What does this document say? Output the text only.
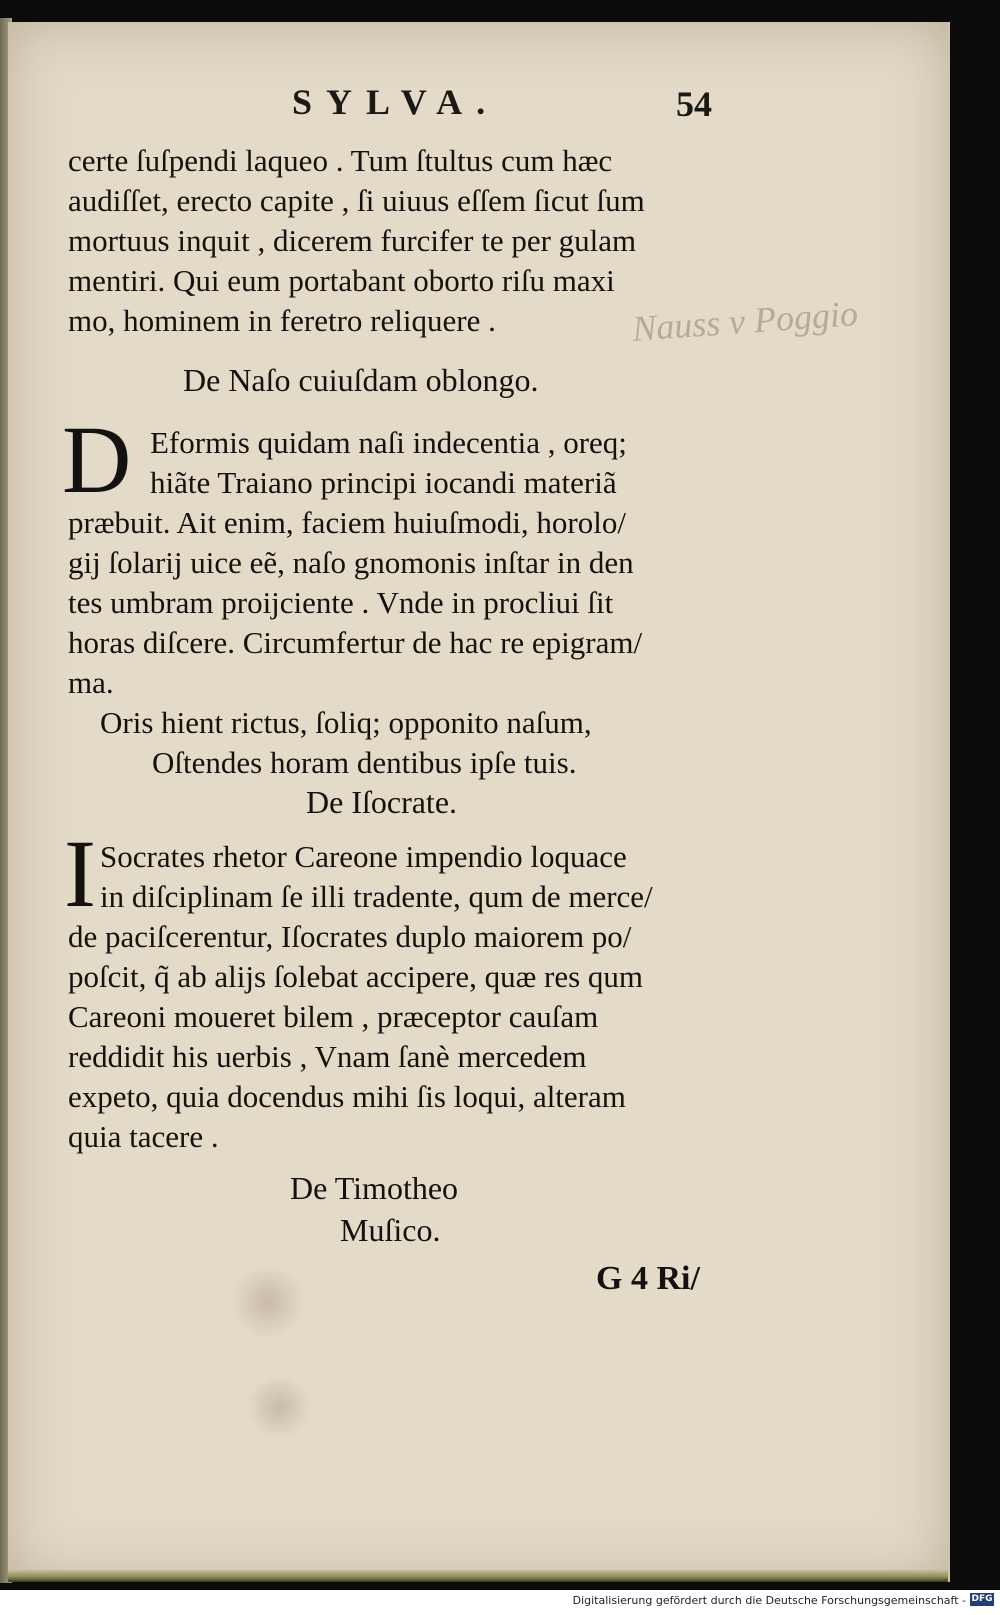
SYLVA.	54
Nauss v Poggio
certe ſuſpendi laqueo . Tum ſtultus cum hæc
audiſſet, erecto capite , ſi uiuus eſſem ſicut ſum
mortuus inquit , dicerem furcifer te per gulam
mentiri. Qui eum portabant oborto riſu maxi
mo, hominem in feretro reliquere .
De Naſo cuiuſdam oblongo.
D Eformis quidam naſi indecentia , oreq;
hiãte Traiano principi iocandi materiã
præbuit. Ait enim, faciem huiuſmodi, horolo/
gij ſolarij uice eẽ, naſo gnomonis inſtar in den
tes umbram proijciente . Vnde in procliui ſit
horas diſcere. Circumfertur de hac re epigram/
ma.
Oris hient rictus, ſoliq; opponito naſum,
Oſtendes horam dentibus ipſe tuis.
De Iſocrate.
I Socrates rhetor Careone impendio loquace
in diſciplinam ſe illi tradente, qum de merce/
de paciſcerentur, Iſocrates duplo maiorem po/
poſcit, q̃ ab alijs ſolebat accipere, quæ res qum
Careoni moueret bilem , præceptor cauſam
reddidit his uerbis , Vnam ſanè mercedem
expeto, quia docendus mihi ſis loqui, alteram
quia tacere .
De Timotheo
Muſico.
G 4 Ri/
Digitalisierung gefördert durch die Deutsche Forschungsgemeinschaft - DFG
